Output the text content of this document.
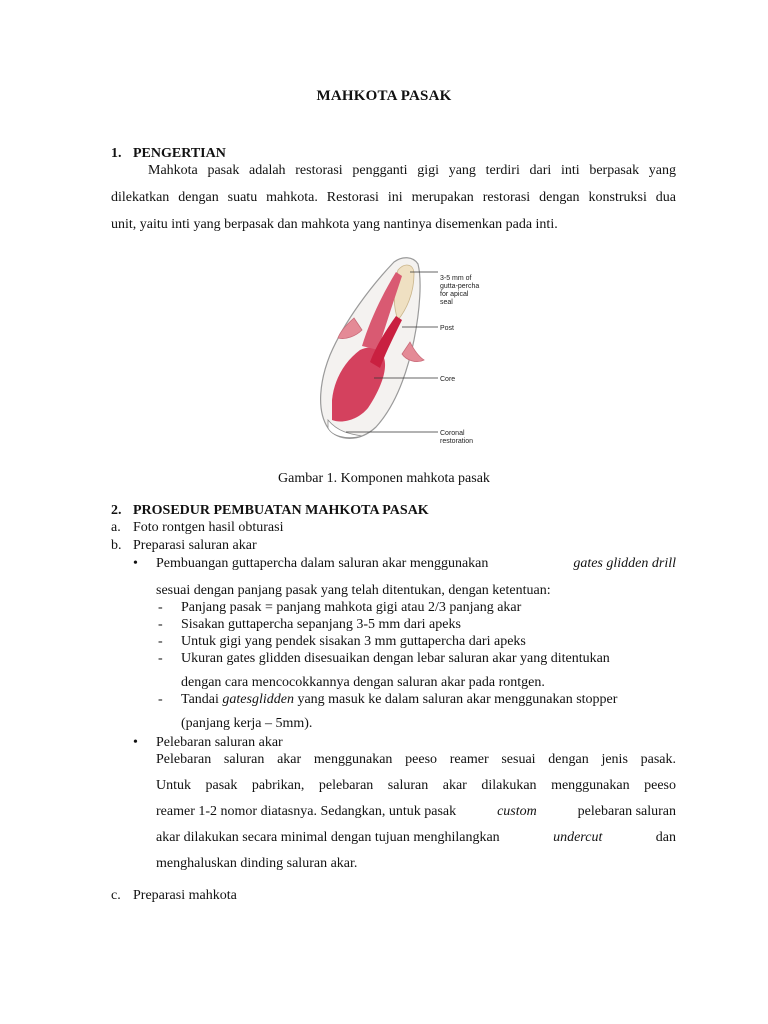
MAHKOTA PASAK
1. PENGERTIAN
Mahkota pasak adalah restorasi pengganti gigi yang terdiri dari inti berpasak yang
dilekatkan dengan suatu mahkota. Restorasi ini merupakan restorasi dengan konstruksi dua
unit, yaitu inti yang berpasak dan mahkota yang nantinya disemenkan pada inti.
3-5 mm of
gutta-percha
for apical
seal
Post
Core
Coronal
restoration
Gambar 1. Komponen mahkota pasak
2. PROSEDUR PEMBUATAN MAHKOTA PASAK
a. Foto rontgen hasil obturasi
b. Preparasi saluran akar
• Pembuangan guttapercha dalam saluran akar menggunakan	gates glidden drill
sesuai dengan panjang pasak yang telah ditentukan, dengan ketentuan:
- Panjang pasak = panjang mahkota gigi atau 2/3 panjang akar
- Sisakan guttapercha sepanjang 3-5 mm dari apeks
- Untuk gigi yang pendek sisakan 3 mm guttapercha dari apeks
- Ukuran gates glidden disesuaikan dengan lebar saluran akar yang ditentukan
dengan cara mencocokkannya dengan saluran akar pada rontgen.
- Tandai gatesglidden yang masuk ke dalam saluran akar menggunakan stopper
(panjang kerja – 5mm).
• Pelebaran saluran akar
Pelebaran saluran akar menggunakan peeso reamer sesuai dengan jenis pasak.
Untuk pasak pabrikan, pelebaran saluran akar dilakukan menggunakan peeso
reamer 1-2 nomor diatasnya. Sedangkan, untuk pasak	custom	pelebaran saluran
akar dilakukan secara minimal dengan tujuan menghilangkan	undercut	dan
menghaluskan dinding saluran akar.
c. Preparasi mahkota
